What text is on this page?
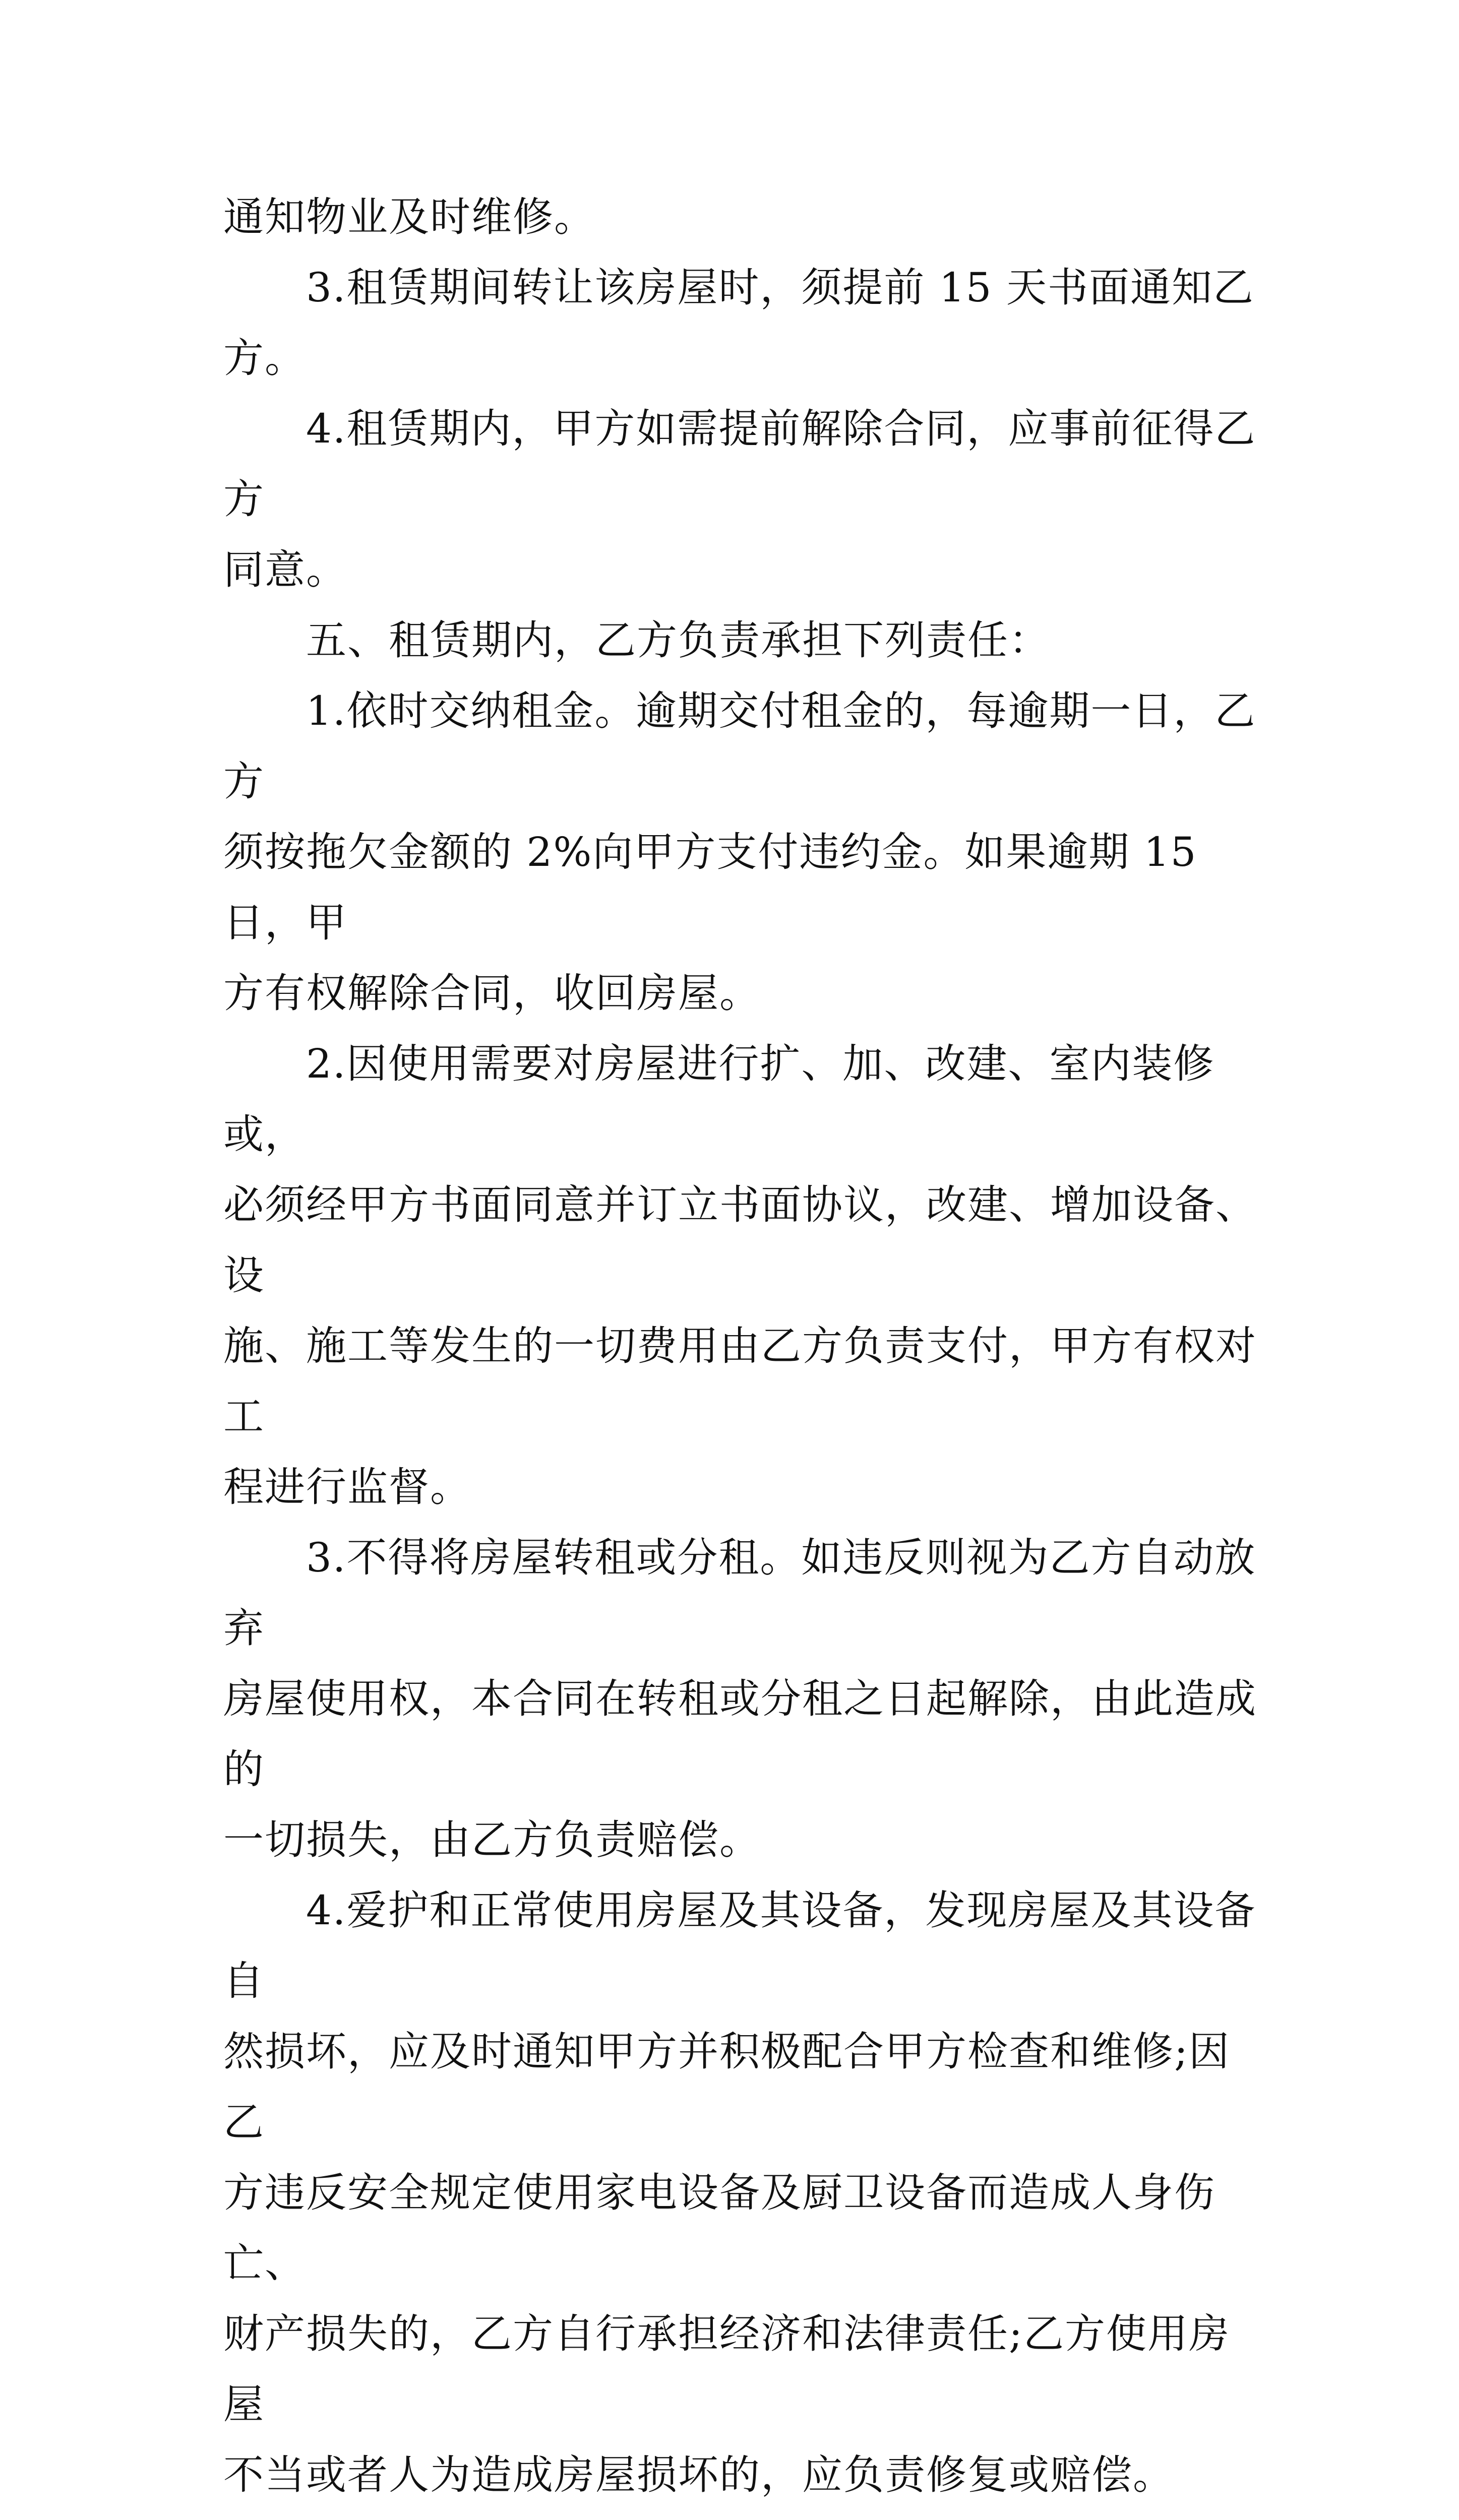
通知物业及时维修。

　　3.租赁期间转让该房屋时，须提前 15 天书面通知乙方。

　　4.租赁期内，甲方如需提前解除合同，应事前征得乙方

同意。

　　五、租赁期内，乙方负责承担下列责任：

　　1.依时交纳租金。逾期交付租金的，每逾期一日，乙方

须按拖欠金额的 2%向甲方支付违约金。如果逾期 15 日，甲

方有权解除合同，收回房屋。

　　2.因使用需要对房屋进行扩、加、改建、室内装修或，

必须经甲方书面同意并订立书面协议，改建、增加设备、设

施、施工等发生的一切费用由乙方负责支付，甲方有权对工

程进行监督。

　　3.不得将房屋转租或分租。如违反则视为乙方自动放弃

房屋使用权，本合同在转租或分租之日起解除，由此造成的

一切损失，由乙方负责赔偿。

　　4.爱护和正常使用房屋及其设备，发现房屋及其设备自

然损坏，应及时通知甲方并积极配合甲方检查和维修;因乙

方违反安全规定使用家电设备及厨卫设备而造成人身伤亡、

财产损失的，乙方自行承担经济和法律责任;乙方使用房屋

不当或者人为造成房屋损坏的，应负责修复或赔偿。
